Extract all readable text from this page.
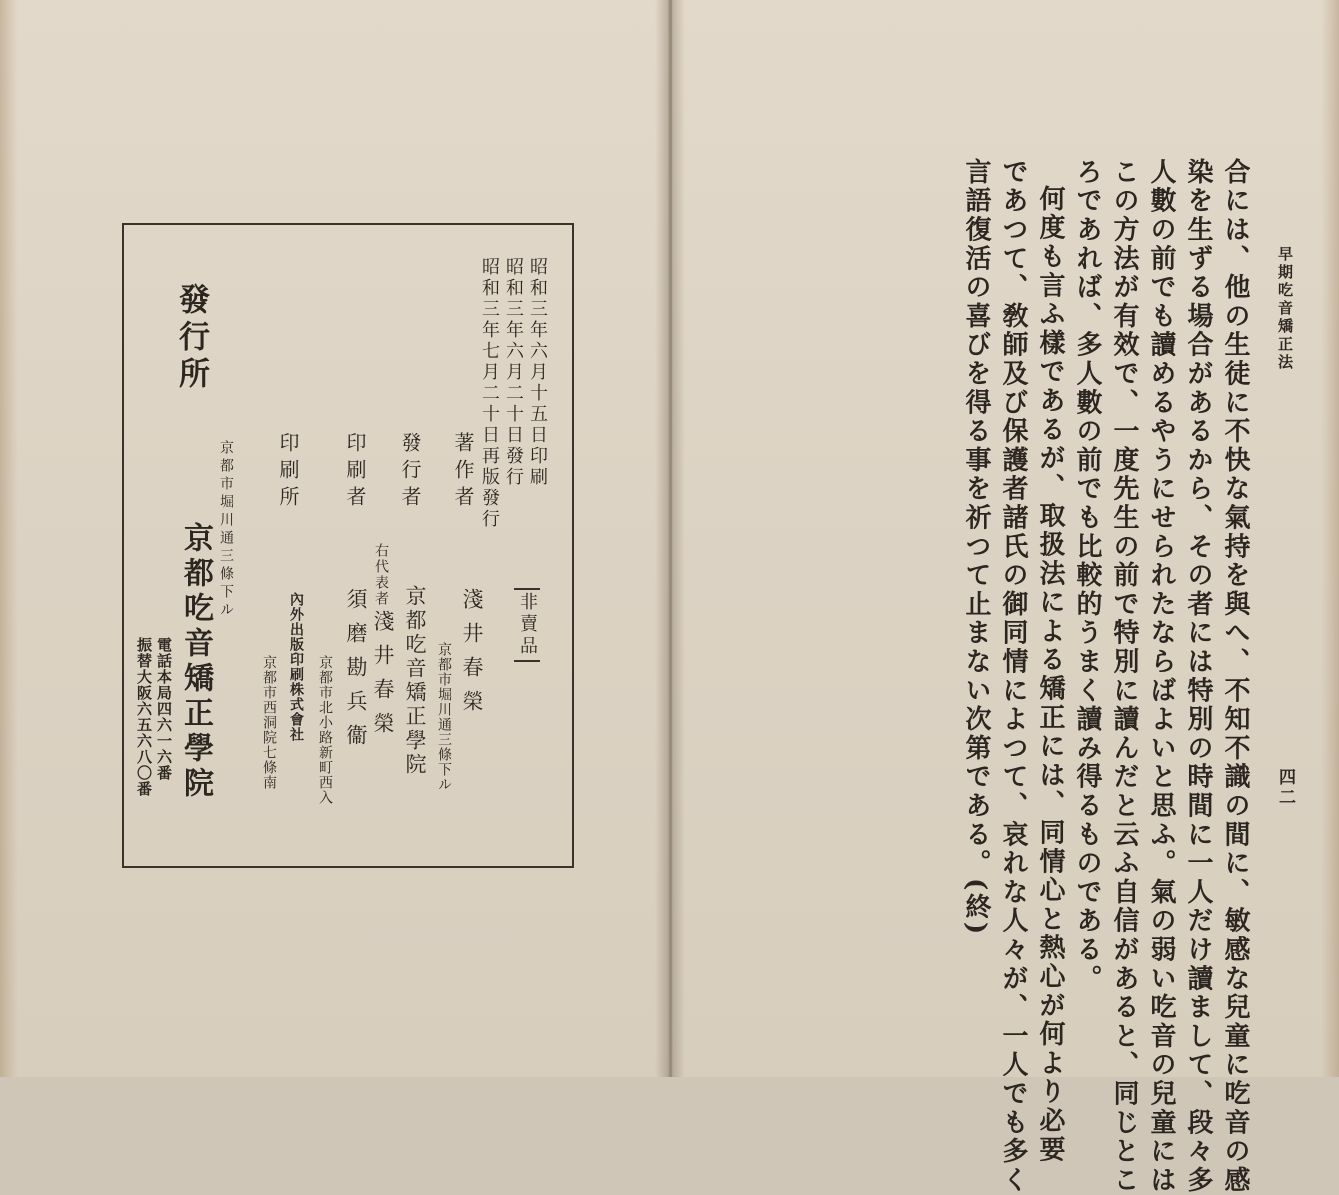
昭和三年六月十五日印刷
昭和三年六月二十日發行
昭和三年七月二十日再版發行
非賣品
著作者
淺井春榮
京都市堀川通三條下ル
發行者
京都吃音矯正學院
右代表者
淺井春榮
印刷者
須磨勘兵衞
京都市北小路新町西入
印刷所
內外出版印刷株式會社
京都市西洞院七條南
發行所
京都市堀川通三條下ル
京都吃音矯正學院
電話本局四六一六番
振替大阪六五六八〇番
早期吃音矯正法
四二
合には、他の生徒に不快な氣持を與へ、不知不識の間に、敏感な兒童に吃音の感
染を生ずる場合があるから、その者には特別の時間に一人だけ讀まして、段々多
人數の前でも讀めるやうにせられたならばよいと思ふ。氣の弱い吃音の兒童には
この方法が有效で、一度先生の前で特別に讀んだと云ふ自信があると、同じとこ
ろであれば、多人數の前でも比較的うまく讀み得るものである。
何度も言ふ樣であるが、取扱法による矯正には、同情心と熱心が何より必要
であつて、敎師及び保護者諸氏の御同情によつて、哀れな人々が、一人でも多く
言語復活の喜びを得る事を祈つて止まない次第である。(終)
